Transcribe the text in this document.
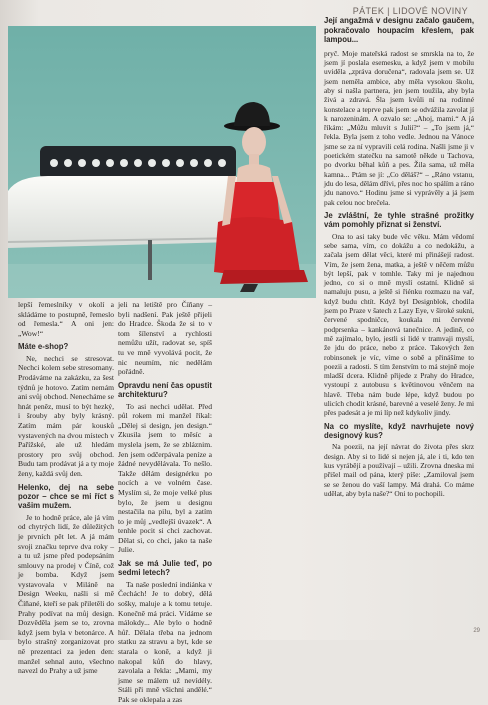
PÁTEK | LIDOVÉ NOVINY

lepší řemeslníky v okolí a skládáme to postupně, řemeslo od řemesla.“ A oni jen: „Wow!“

Máte e-shop?

Ne, nechci se stresovat. Nechci kolem sebe stresomany. Prodáváme na zakázku, za šest týdnů je hotovo. Zatím nemám ani svůj obchod. Nenecháme se hnát peněz, musí to být hezký, i šrouby aby byly krásný. Zatím mám pár kousků vystavených na dvou místech v Pařížské, ale už hledám prostory pro svůj obchod. Budu tam prodávat já a ty moje ženy, každá svůj den.

Helenko, dej na sebe pozor – chce se mi říct s vašim mužem.

Je to hodně práce, ale já vím od chytrých lidí, že důležitých je prvních pět let. A já mám svoji značku teprve dva roky – a tu už jsme před podepsáním smlouvy na prodej v Číně, což je bomba. Když jsem vystavovala v Miláně na Design Weeku, našli si mě Číňané, kteří se pak přiletěli do Prahy podívat na můj design. Dozvěděla jsem se to, zrovna když jsem byla v betonárce. A bylo strašný zorganizovat pro ně prezentaci za jeden den: manžel sehnal auto, všechno navezl do Prahy a už jsme

jeli na letiště pro Číňany – byli nadšení. Pak ještě přijeli do Hradce. Škoda že si to v tom šílenství a rychlosti nemůžu užít, radovat se, spíš tu ve mně vyvolává pocit, že nic neumím, nic nedělám pořádně.

Opravdu není čas opustit architekturu?

To asi nechci udělat. Před půl rokem mi manžel říkal: „Dělej si design, jen design.“ Zkusila jsem to měsíc a myslela jsem, že se zbláznim. Jen jsem odčerpávala peníze a žádné nevydělávala. To nešlo. Takže dělám designérku po nocích a ve volném čase. Myslím si, že moje velké plus bylo, že jsem u designu nestačila na pilu, byl a zatím to je můj „vedlejší úvazek“. A tenhle pocit si chci zachovat. Dělat si, co chci, jako ta naše Julie.

Jak se má Julie teď, po sedmi letech?

Ta naše poslední indiánka v Čechách! Je to dobrý, dělá sošky, maluje a k tomu tetuje. Konečně má práci. Vídáme se málokdy... Ale bylo o hodně hůř. Dělala třeba na jednom statku za stravu a byt, kde se starala o koně, a když ji nakopal kůň do hlavy, zavolala a řekla: „Mami, my jsme se málem už nevídély. Stáli při mně všichni andělé.“ Pak se oklepala a zas

Její angažmá v designu začalo gaučem, pokračovalo houpacím křeslem, pak lampou...

pryč. Moje mateřská radost se smrskla na to, že jsem jí poslala esemesku, a když jsem v mobilu uviděla „zpráva doručena“, radovala jsem se. Už jsem neměla ambice, aby měla vysokou školu, aby si našla partnera, jen jsem toužila, aby byla živá a zdravá. Šla jsem kvůli ní na rodinné konstelace a teprve pak jsem se odvážila zavolat jí k narozeninám. A ozvalo se: „Ahoj, mami.“ A já říkám: „Můžu mluvit s Julií?“ – „To jsem já,“ řekla. Byla jsem z toho vedle. Jednou na Vánoce jsme se za ní vypravili celá rodina. Našli jsme ji v poetickém statečku na samotě někde u Tachova, po dvorku běhal kůň a pes. Žila sama, už měla kamna... Ptám se jí: „Co děláš?“ – „Ráno vstanu, jdu do lesa, dělám dřívi, přes noc ho spálím a ráno jdu nanovo.“ Hodinu jsme si vyprávěly a já jsem pak celou noc brečela.

Je zvláštní, že tyhle strašné prožitky vám pomohly přiznat si ženství.

Ona to asi taky bude věc věku. Mám vědomí sebe sama, vím, co dokážu a co nedokážu, a začala jsem dělat věci, které mi přinášejí radost. Vím, že jsem žena, matka, a ještě v něčem můžu být lepší, pak v tomhle. Taky mi je najednou jedno, co si o mně myslí ostatní. Klidně si namaluju pusu, a ještě si řiénku rozmazu na vař, když budu chtít. Když byl Designblok, chodila jsem po Praze v šatech z Lazy Eye, v široké sukni, červené spodničce, koukala mi červené podprsenka – kankánová tanečnice. A jedině, co mě zajímalo, bylo, jestli si lidé v tramvaji myslí, že jdu do práce, nebo z práce. Takových žen robinsonek je víc, víme o sobě a přinášíme to poezii a radosti. S tím ženstvím to má stejně moje mladší dcera. Klidně přijede z Prahy do Hradce, vystoupí z autobusu s květinovou věnčem na hlavě. Třeba nám bude lépe, když budou po ulicích chodit krásné, barevné a veselé ženy. Je mi přes padesát a je mi líp než kdykoliv jindy.

Na co myslíte, když navrhujete nový designový kus?

Na poezii, na její návrat do života přes skrz design. Aby si to lidé si nejen já, ale i ti, kdo ten kus vyrábějí a používají – užili. Zrovna dneska mi přišel mail od pána, který píše: „Zamiloval jsem se se ženou do vaší lampy. Má drahá. Co máme udělat, aby byla naše?“ Oni to pochopili.

29
